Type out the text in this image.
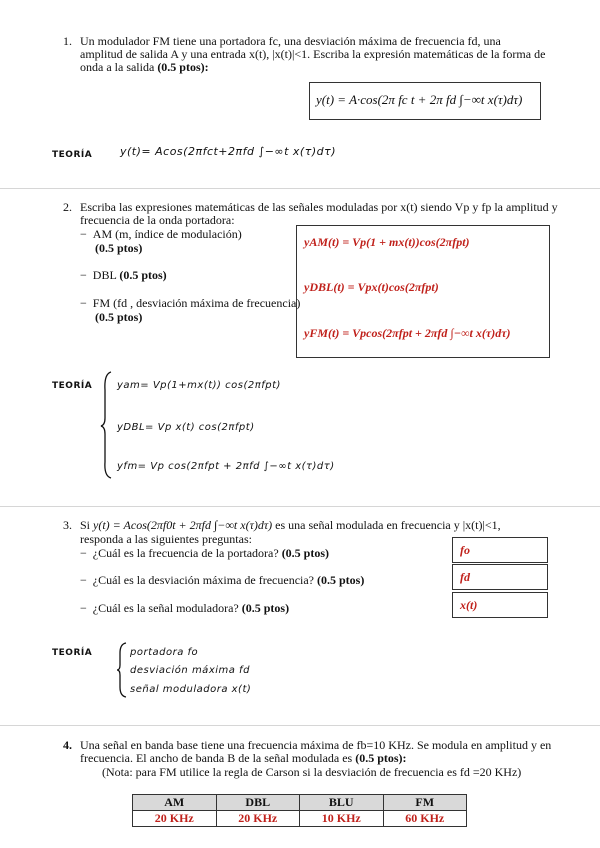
1. Un modulador FM tiene una portadora fc, una desviación máxima de frecuencia fd, una
amplitud de salida A y una entrada x(t), |x(t)|<1. Escriba la expresión matemáticas de la forma de
onda a la salida (0.5 ptos):
y(t) = A·cos(2π fc t + 2π fd ∫−∞t x(τ)dτ)
TEORÍA	y(t)= Acos(2πfct+2πfd ∫−∞t x(τ)dτ)
2. Escriba las expresiones matemáticas de las señales moduladas por x(t) siendo Vp y fp la amplitud y
frecuencia de la onda portadora:
−  AM (m, índice de modulación)
(0.5 ptos)
−  DBL (0.5 ptos)
−  FM (fd , desviación máxima de frecuencia)
(0.5 ptos)
yAM(t) = Vp(1 + mx(t))cos(2πfpt)
yDBL(t) = Vpx(t)cos(2πfpt)
yFM(t) = Vpcos(2πfpt + 2πfd ∫−∞t x(τ)dτ)
TEORÍA yam= Vp(1+mx(t)) cos(2πfpt)
yDBL= Vp x(t) cos(2πfpt)
yfm= Vp cos(2πfpt + 2πfd ∫−∞t x(τ)dτ)
3. Si y(t) = Acos(2πf0t + 2πfd ∫−∞t x(τ)dτ) es una señal modulada en frecuencia y |x(t)|<1,
responda a las siguientes preguntas:
−  ¿Cuál es la frecuencia de la portadora? (0.5 ptos)
−  ¿Cuál es la desviación máxima de frecuencia? (0.5 ptos)
−  ¿Cuál es la señal moduladora? (0.5 ptos)
fo
fd
x(t)
TEORÍA	portadora fo
desviación máxima fd
señal moduladora x(t)
4. Una señal en banda base tiene una frecuencia máxima de fb=10 KHz. Se modula en amplitud y en
frecuencia. El ancho de banda B de la señal modulada es (0.5 ptos):
(Nota: para FM utilice la regla de Carson si la desviación de frecuencia es fd =20 KHz)
AM	DBL	BLU	FM
20 KHz	20 KHz	10 KHz	60 KHz
